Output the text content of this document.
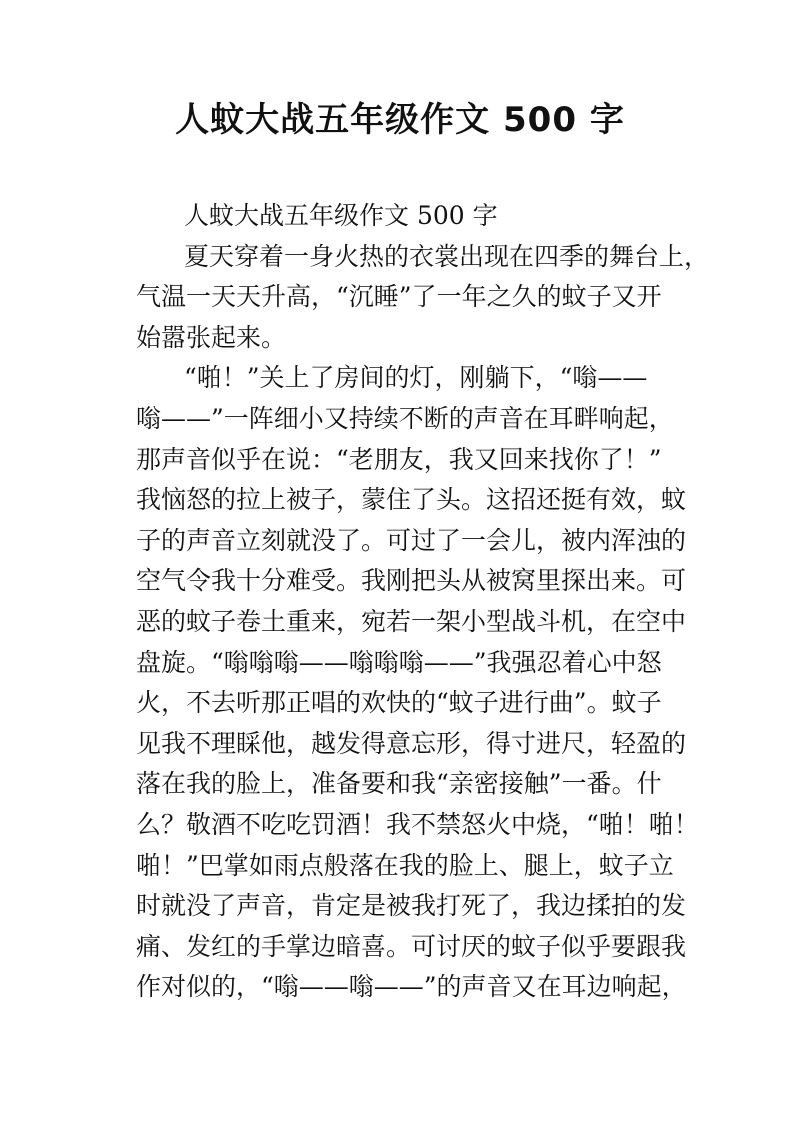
人蚊大战五年级作文 500 字

人蚊大战五年级作文 500 字

夏天穿着一身火热的衣裳出现在四季的舞台上，

气温一天天升高，“沉睡”了一年之久的蚊子又开

始嚣张起来。

“啪！”关上了房间的灯，刚躺下，“嗡——

嗡——”一阵细小又持续不断的声音在耳畔响起，

那声音似乎在说：“老朋友，我又回来找你了！”

我恼怒的拉上被子，蒙住了头。这招还挺有效，蚊

子的声音立刻就没了。可过了一会儿，被内浑浊的

空气令我十分难受。我刚把头从被窝里探出来。可

恶的蚊子卷土重来，宛若一架小型战斗机，在空中

盘旋。“嗡嗡嗡——嗡嗡嗡——”我强忍着心中怒

火，不去听那正唱的欢快的“蚊子进行曲”。蚊子

见我不理睬他，越发得意忘形，得寸进尺，轻盈的

落在我的脸上，准备要和我“亲密接触”一番。什

么？敬酒不吃吃罚酒！我不禁怒火中烧，“啪！啪！

啪！”巴掌如雨点般落在我的脸上、腿上，蚊子立

时就没了声音，肯定是被我打死了，我边揉拍的发

痛、发红的手掌边暗喜。可讨厌的蚊子似乎要跟我

作对似的，“嗡——嗡——”的声音又在耳边响起，
